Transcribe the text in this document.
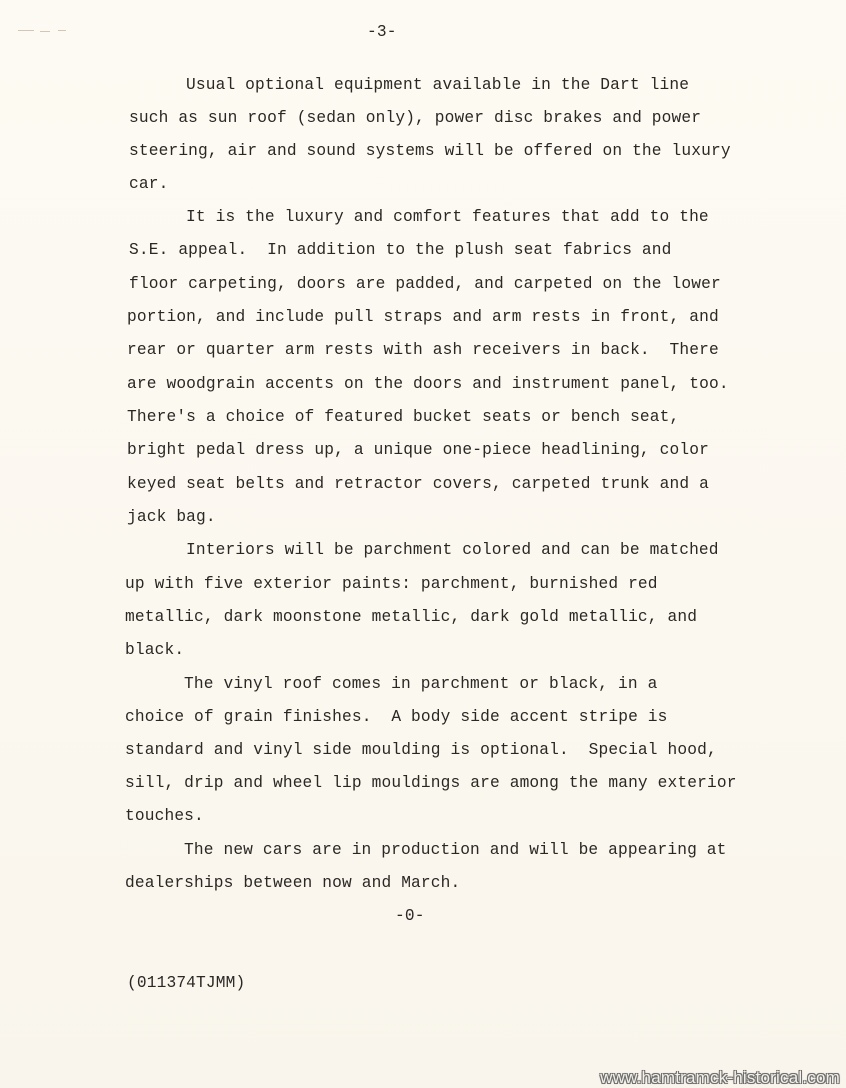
-3-
Usual optional equipment available in the Dart line
such as sun roof (sedan only), power disc brakes and power
steering, air and sound systems will be offered on the luxury
car.
It is the luxury and comfort features that add to the
S.E. appeal.  In addition to the plush seat fabrics and
floor carpeting, doors are padded, and carpeted on the lower
portion, and include pull straps and arm rests in front, and
rear or quarter arm rests with ash receivers in back.  There
are woodgrain accents on the doors and instrument panel, too.
There's a choice of featured bucket seats or bench seat,
bright pedal dress up, a unique one-piece headlining, color
keyed seat belts and retractor covers, carpeted trunk and a
jack bag.
Interiors will be parchment colored and can be matched
up with five exterior paints: parchment, burnished red
metallic, dark moonstone metallic, dark gold metallic, and
black.
The vinyl roof comes in parchment or black, in a
choice of grain finishes.  A body side accent stripe is
standard and vinyl side moulding is optional.  Special hood,
sill, drip and wheel lip mouldings are among the many exterior
touches.
The new cars are in production and will be appearing at
dealerships between now and March.
-0-
(011374TJMM)
www.hamtramck-historical.com
